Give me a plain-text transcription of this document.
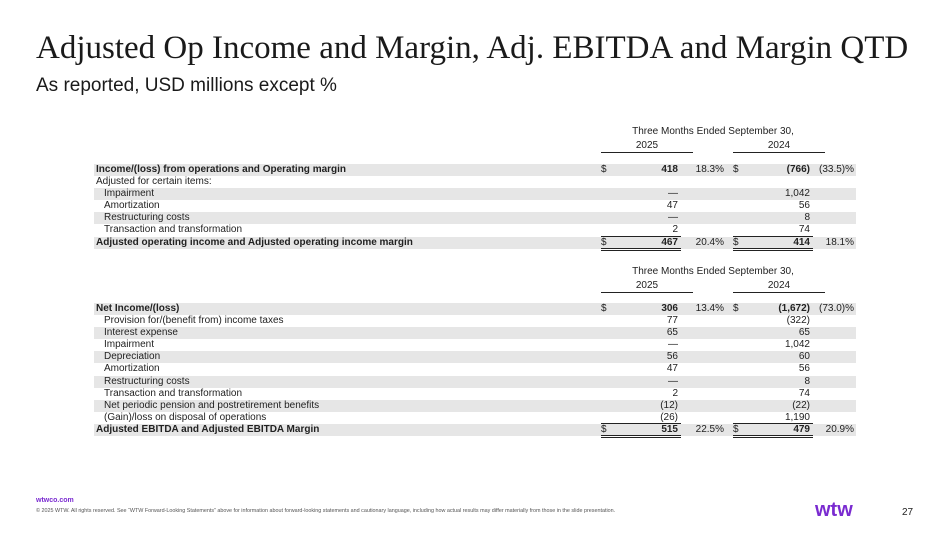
Adjusted Op Income and Margin, Adj. EBITDA and Margin QTD
As reported, USD millions except %
Three Months Ended September 30,
2025	2024
Income/(loss) from operations and Operating margin	$	418	18.3% $	(766) (33.5)%
Adjusted for certain items:
Impairment	—	1,042
Amortization	47	56
Restructuring costs	—	8
Transaction and transformation	2	74
Adjusted operating income and Adjusted operating income margin	$	467	20.4% $	414	18.1%
Three Months Ended September 30,
2025	2024
Net Income/(loss)	$	306	13.4% $	(1,672) (73.0)%
Provision for/(benefit from) income taxes	77	(322)
Interest expense	65	65
Impairment	—	1,042
Depreciation	56	60
Amortization	47	56
Restructuring costs	—	8
Transaction and transformation	2	74
Net periodic pension and postretirement benefits	(12)	(22)
(Gain)/loss on disposal of operations	(26)	1,190
Adjusted EBITDA and Adjusted EBITDA Margin	$	515	22.5% $	479	20.9%
wtwco.com
© 2025 WTW. All rights reserved. See “WTW Forward-Looking Statements” above for information about forward-looking statements and cautionary language, including how actual results may differ materially from those in the slide presentation.	wtw	27
